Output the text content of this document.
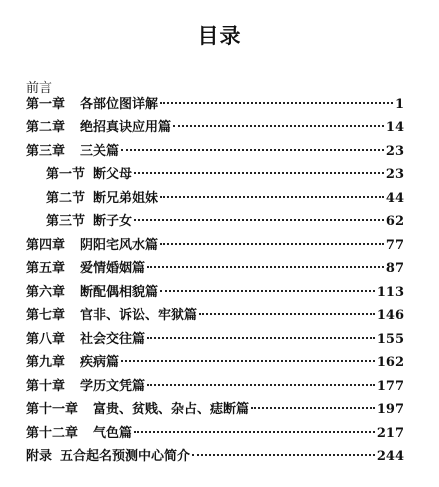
目录
前言
第一章 各部位图详解	1
第二章 绝招真诀应用篇	14
第三章 三关篇	23
第一节 断父母	23
第二节 断兄弟姐妹	44
第三节 断子女	62
第四章 阴阳宅风水篇	77
第五章 爱情婚姻篇	87
第六章 断配偶相貌篇	113
第七章 官非、诉讼、牢狱篇	146
第八章 社会交往篇	155
第九章 疾病篇	162
第十章 学历文凭篇	177
第十一章 富贵、贫贱、杂占、痣断篇	197
第十二章 气色篇	217
附录 五合起名预测中心简介	244
